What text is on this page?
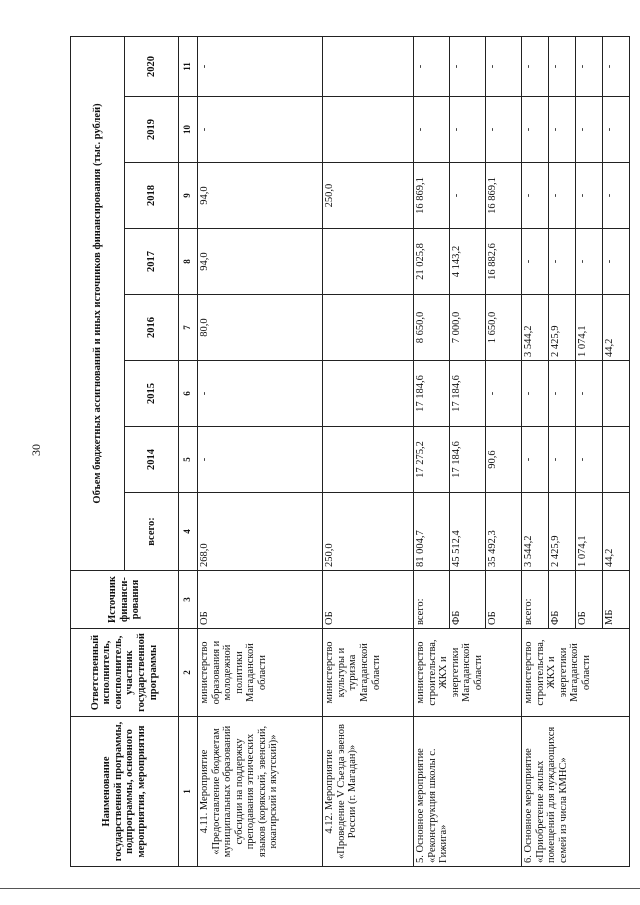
30
Наименование государственной программы, подпрограммы, основного мероприятия, мероприятия	Ответственный исполнитель, соисполнитель, участник государственной программы	Источник финанси-рования	Объем бюджетных ассигнований и иных источников финансирования (тыс. рублей)							
			всего:	2014	2015	2016	2017	2018	2019	2020
1	2	3	4	5	6	7	8	9	10	11
4.11. Мероприятие «Предоставление бюджетам муниципальных образований субсидии на поддержку преподавания этнических языков (корякский, эвенский, юкагирский и якутский)»	министерство образования и молодежной политики Магаданской области	ОБ	268,0	-	-	80,0	94,0	94,0	-	-
4.12. Мероприятие «Проведение V Съезда эвенов России (г. Магадан)»	министерство культуры и туризма Магаданской области	ОБ	250,0					250,0		
5. Основное мероприятие «Реконструкция школы с. Гижига»	министерство строительства, ЖКХ и энергетики Магаданской области	всего:	81 004,7	17 275,2	17 184,6	8 650,0	21 025,8	16 869,1	-	-
		ФБ	45 512,4	17 184,6	17 184,6	7 000,0	4 143,2	-	-	-
		ОБ	35 492,3	90,6	-	1 650,0	16 882,6	16 869,1	-	-
6. Основное мероприятие «Приобретение жилых помещений для нуждающихся семей из числа КМНС»	министерство строительства, ЖКХ и энергетики Магаданской области	всего:	3 544,2	-	-	3 544,2	-	-	-	-
		ФБ	2 425,9	-	-	2 425,9	-	-	-	-
		ОБ	1 074,1	-	-	1 074,1	-	-	-	-
		МБ	44,2			44,2	-	-	-	-
